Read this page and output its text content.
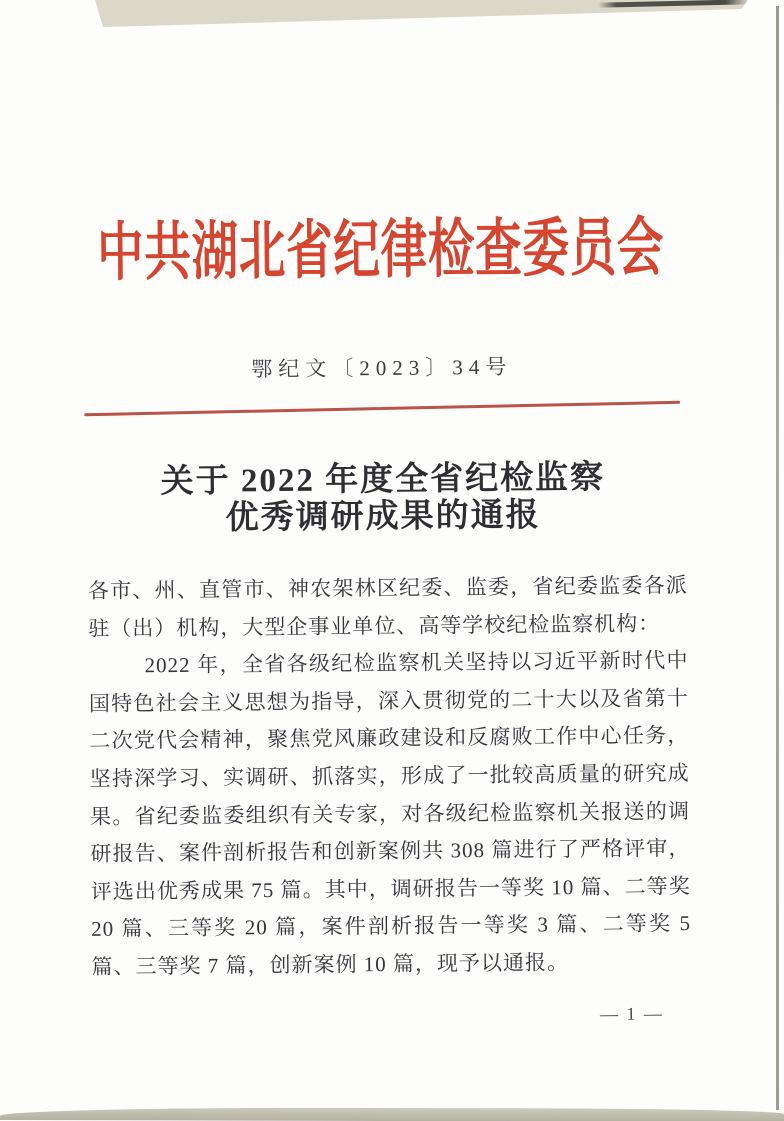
中共湖北省纪律检查委员会
鄂纪文〔2023〕34号
关于 2022 年度全省纪检监察
优秀调研成果的通报

各市、州、直管市、神农架林区纪委、监委，省纪委监委各派驻（出）机构，大型企事业单位、高等学校纪检监察机构：

2022 年，全省各级纪检监察机关坚持以习近平新时代中国特色社会主义思想为指导，深入贯彻党的二十大以及省第十二次党代会精神，聚焦党风廉政建设和反腐败工作中心任务，坚持深学习、实调研、抓落实，形成了一批较高质量的研究成果。省纪委监委组织有关专家，对各级纪检监察机关报送的调研报告、案件剖析报告和创新案例共 308 篇进行了严格评审，评选出优秀成果 75 篇。其中，调研报告一等奖 10 篇、二等奖 20 篇、三等奖 20 篇，案件剖析报告一等奖 3 篇、二等奖 5 篇、三等奖 7 篇，创新案例 10 篇，现予以通报。

— 1 —
